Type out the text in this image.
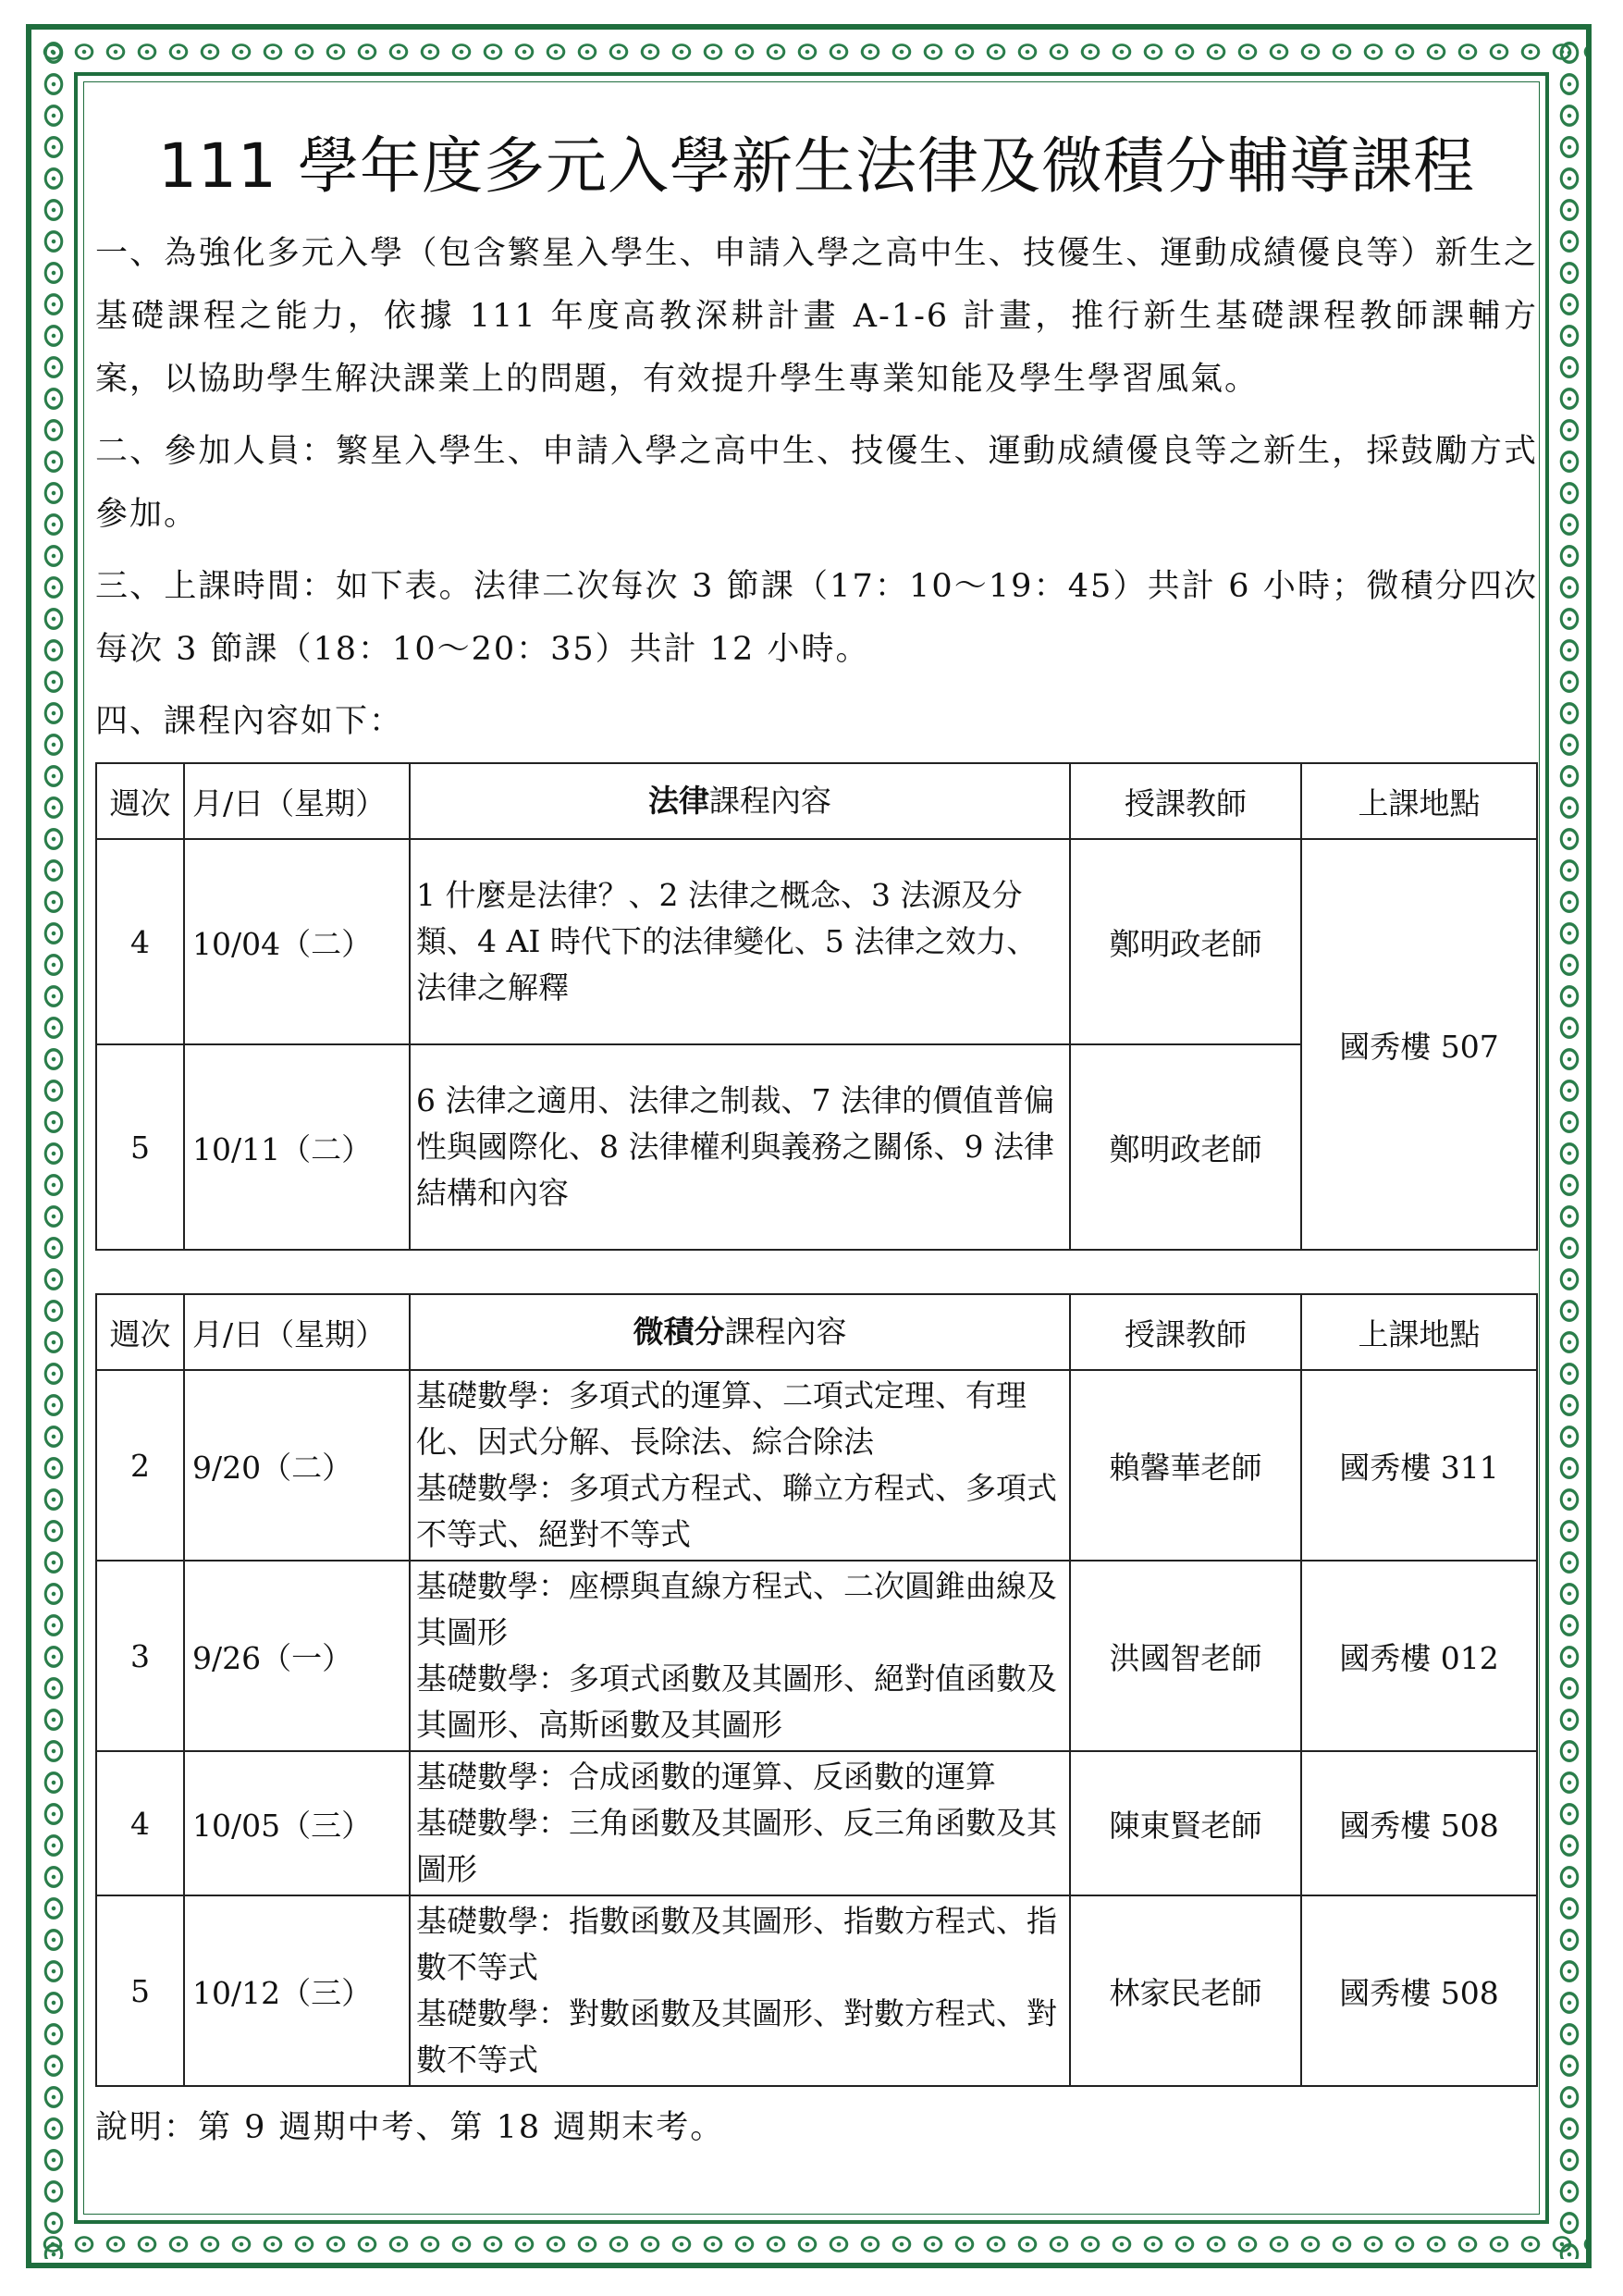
111 學年度多元入學新生法律及微積分輔導課程

一、為強化多元入學（包含繁星入學生、申請入學之高中生、技優生、運動成績優良等）新生之基礎課程之能力，依據 111 年度高教深耕計畫 A-1-6 計畫，推行新生基礎課程教師課輔方案，以協助學生解決課業上的問題，有效提升學生專業知能及學生學習風氣。

二、參加人員：繁星入學生、申請入學之高中生、技優生、運動成績優良等之新生，採鼓勵方式參加。

三、上課時間：如下表。法律二次每次 3 節課（17：10～19：45）共計 6 小時；微積分四次每次 3 節課（18：10～20：35）共計 12 小時。

四、課程內容如下：

週次	月/日（星期）	法律課程內容	授課教師	上課地點
4	10/04（二）	1 什麼是法律？、2 法律之概念、3 法源及分類、4 AI 時代下的法律變化、5 法律之效力、法律之解釋	鄭明政老師	國秀樓 507
5	10/11（二）	6 法律之適用、法律之制裁、7 法律的價值普偏性與國際化、8 法律權利與義務之關係、9 法律結構和內容	鄭明政老師	
週次	月/日（星期）	微積分課程內容	授課教師	上課地點
2	9/20（二）	基礎數學：多項式的運算、二項式定理、有理化、因式分解、長除法、綜合除法
基礎數學：多項式方程式、聯立方程式、多項式不等式、絕對不等式	賴馨華老師	國秀樓 311
3	9/26（一）	基礎數學：座標與直線方程式、二次圓錐曲線及其圖形
基礎數學：多項式函數及其圖形、絕對值函數及其圖形、高斯函數及其圖形	洪國智老師	國秀樓 012
4	10/05（三）	基礎數學：合成函數的運算、反函數的運算
基礎數學：三角函數及其圖形、反三角函數及其圖形	陳東賢老師	國秀樓 508
5	10/12（三）	基礎數學：指數函數及其圖形、指數方程式、指數不等式
基礎數學：對數函數及其圖形、對數方程式、對數不等式	林家民老師	國秀樓 508
說明：第 9 週期中考、第 18 週期末考。
